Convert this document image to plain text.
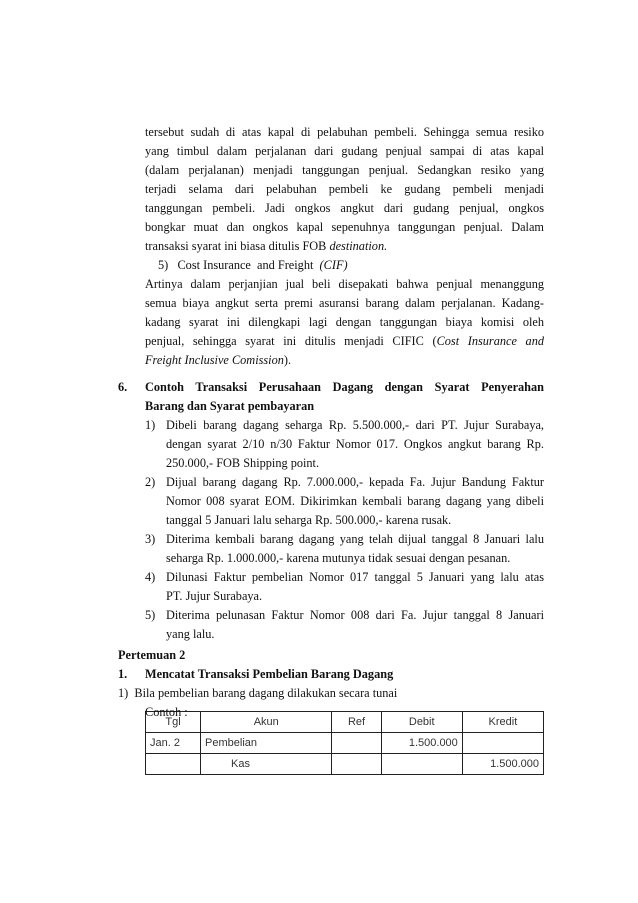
tersebut sudah di atas kapal di pelabuhan pembeli. Sehingga semua resiko
yang timbul dalam perjalanan dari gudang penjual sampai di atas kapal
(dalam perjalanan) menjadi tanggungan penjual. Sedangkan resiko yang
terjadi selama dari pelabuhan pembeli ke gudang pembeli menjadi
tanggungan pembeli. Jadi ongkos angkut dari gudang penjual, ongkos
bongkar muat dan ongkos kapal sepenuhnya tanggungan penjual. Dalam
transaksi syarat ini biasa ditulis FOB destination.
5)   Cost Insurance  and Freight  (CIF)
Artinya dalam perjanjian jual beli disepakati bahwa penjual menanggung
semua biaya angkut serta premi asuransi barang dalam perjalanan. Kadang-
kadang syarat ini dilengkapi lagi dengan tanggungan biaya komisi oleh
penjual, sehingga syarat ini ditulis menjadi CIFIC (Cost Insurance and
Freight Inclusive Comission).
6. Contoh Transaksi Perusahaan Dagang dengan Syarat Penyerahan
Barang dan Syarat pembayaran
1) Dibeli barang dagang seharga Rp. 5.500.000,- dari PT. Jujur Surabaya,
dengan syarat 2/10 n/30 Faktur Nomor 017. Ongkos angkut barang Rp.
250.000,- FOB Shipping point.
2) Dijual barang dagang Rp. 7.000.000,- kepada Fa. Jujur Bandung Faktur
Nomor 008 syarat EOM. Dikirimkan kembali barang dagang yang dibeli
tanggal 5 Januari lalu seharga Rp. 500.000,- karena rusak.
3) Diterima kembali barang dagang yang telah dijual tanggal 8 Januari lalu
seharga Rp. 1.000.000,- karena mutunya tidak sesuai dengan pesanan.
4) Dilunasi Faktur pembelian Nomor 017 tanggal 5 Januari yang lalu atas
PT. Jujur Surabaya.
5) Diterima pelunasan Faktur Nomor 008 dari Fa. Jujur tanggal 8 Januari
yang lalu.
Pertemuan 2
1. Mencatat Transaksi Pembelian Barang Dagang
1)  Bila pembelian barang dagang dilakukan secara tunai
Tgl	Akun	Ref	Debit	Kredit
Jan. 2	Pembelian		1.500.000	
	Kas			1.500.000
Contoh :
